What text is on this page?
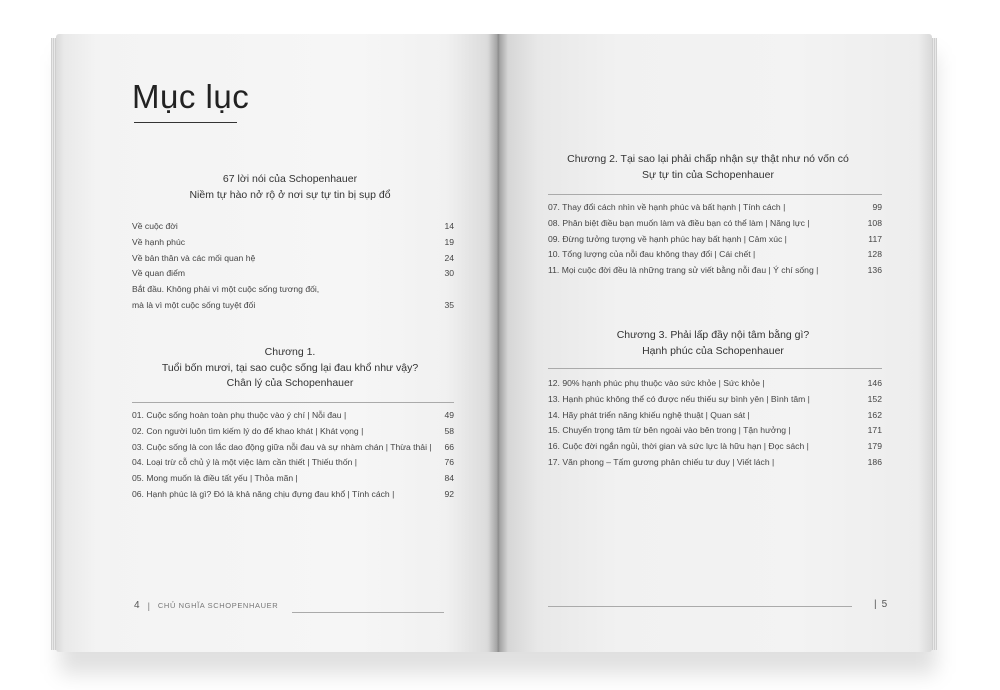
Mục lục
67 lời nói của Schopenhauer
Niềm tự hào nở rộ ở nơi sự tự tin bị sụp đổ
Về cuộc đời	14
Về hạnh phúc	19
Về bản thân và các mối quan hệ	24
Về quan điểm	30
Bắt đầu. Không phải vì một cuộc sống tương đối,
mà là vì một cuộc sống tuyệt đối	35
Chương 1.
Tuổi bốn mươi, tại sao cuộc sống lại đau khổ như vậy?
Chân lý của Schopenhauer
01. Cuộc sống hoàn toàn phụ thuộc vào ý chí | Nỗi đau |	49
02. Con người luôn tìm kiếm lý do để khao khát | Khát vọng |	58
03. Cuộc sống là con lắc dao động giữa nỗi đau và sự nhàm chán | Thừa thải |	66
04. Loại trừ cỗ chủ ý là một việc làm cần thiết | Thiếu thốn |	76
05. Mong muốn là điều tất yếu | Thỏa mãn |	84
06. Hạnh phúc là gì? Đó là khả năng chịu đựng đau khổ | Tính cách |	92
4 | CHỦ NGHĨA SCHOPENHAUER
Chương 2. Tại sao lại phải chấp nhận sự thật như nó vốn có
Sự tự tin của Schopenhauer
07. Thay đổi cách nhìn về hạnh phúc và bất hạnh | Tính cách |	99
08. Phân biệt điều bạn muốn làm và điều bạn có thể làm | Năng lực |	108
09. Đừng tưởng tượng về hạnh phúc hay bất hạnh | Cảm xúc |	117
10. Tổng lượng của nỗi đau không thay đổi | Cái chết |	128
11. Mọi cuộc đời đều là những trang sử viết bằng nỗi đau | Ý chí sống |	136
Chương 3. Phải lấp đầy nội tâm bằng gì?
Hạnh phúc của Schopenhauer
12. 90% hạnh phúc phụ thuộc vào sức khỏe | Sức khỏe |	146
13. Hạnh phúc không thể có được nếu thiếu sự bình yên | Bình tâm |	152
14. Hãy phát triển năng khiếu nghệ thuật | Quan sát |	162
15. Chuyển trọng tâm từ bên ngoài vào bên trong | Tận hưởng |	171
16. Cuộc đời ngắn ngủi, thời gian và sức lực là hữu hạn | Đọc sách |	179
17. Văn phong – Tấm gương phản chiếu tư duy | Viết lách |	186
| 5
